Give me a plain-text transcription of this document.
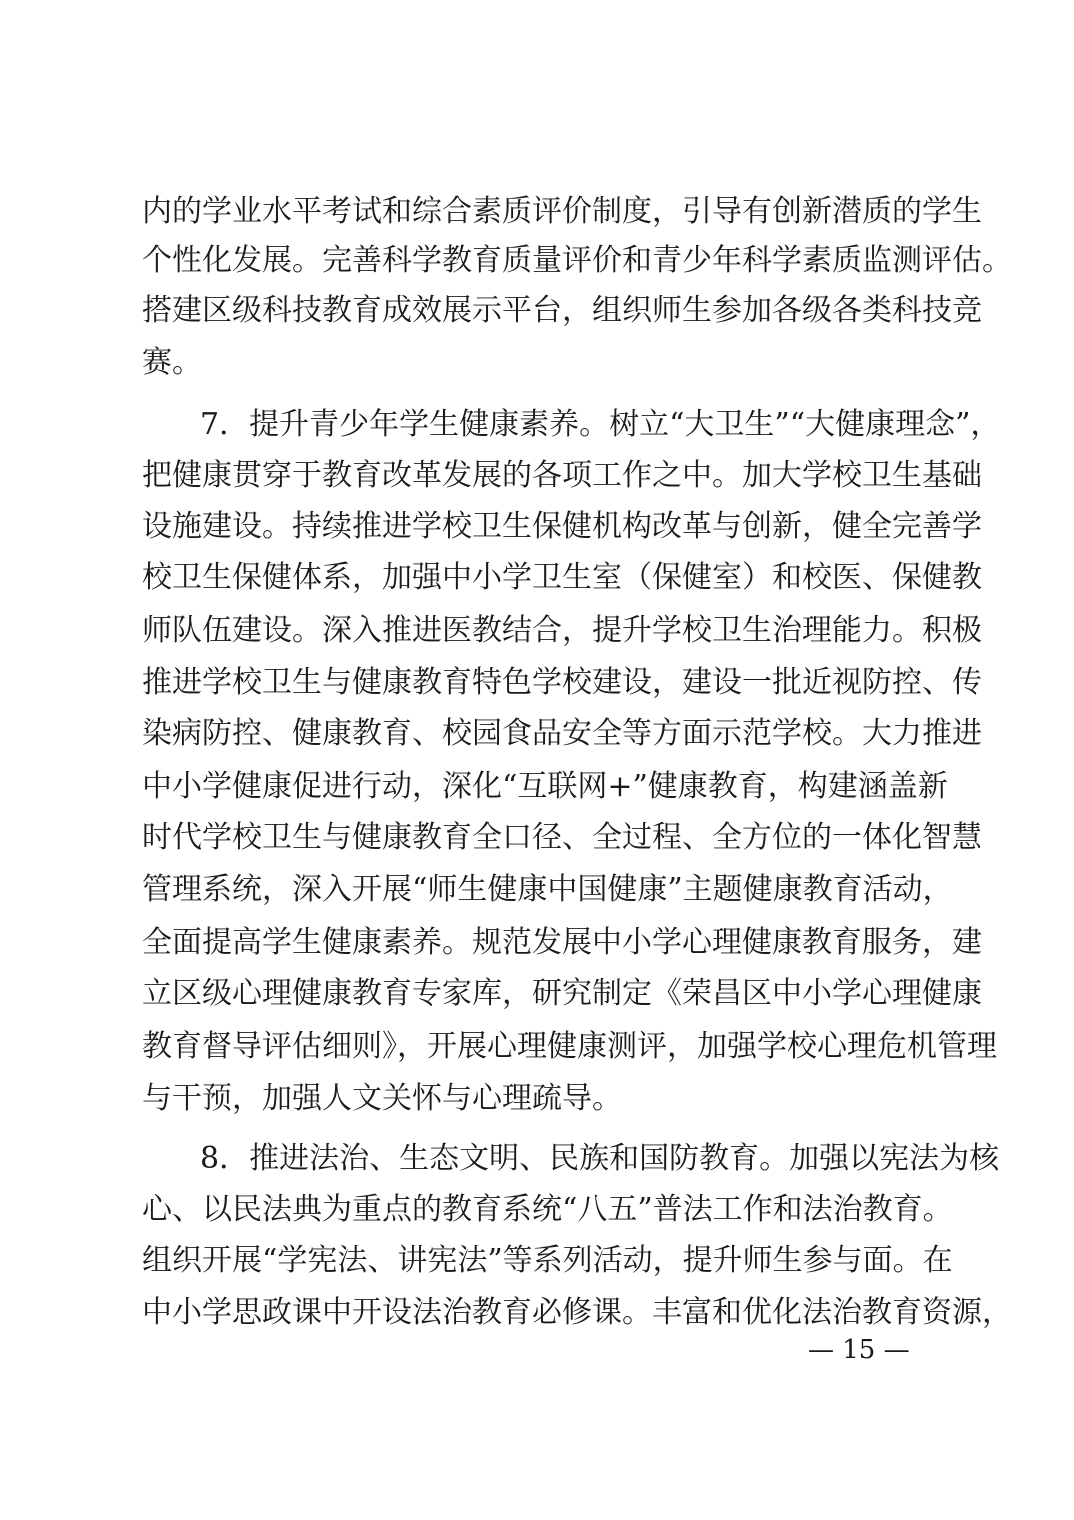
内的学业水平考试和综合素质评价制度，引导有创新潜质的学生
个性化发展。完善科学教育质量评价和青少年科学素质监测评估。
搭建区级科技教育成效展示平台，组织师生参加各级各类科技竞
赛。
7．提升青少年学生健康素养。树立“大卫生”“大健康理念”，
把健康贯穿于教育改革发展的各项工作之中。加大学校卫生基础
设施建设。持续推进学校卫生保健机构改革与创新，健全完善学
校卫生保健体系，加强中小学卫生室（保健室）和校医、保健教
师队伍建设。深入推进医教结合，提升学校卫生治理能力。积极
推进学校卫生与健康教育特色学校建设，建设一批近视防控、传
染病防控、健康教育、校园食品安全等方面示范学校。大力推进
中小学健康促进行动，深化“互联网+”健康教育，构建涵盖新
时代学校卫生与健康教育全口径、全过程、全方位的一体化智慧
管理系统，深入开展“师生健康中国健康”主题健康教育活动，
全面提高学生健康素养。规范发展中小学心理健康教育服务，建
立区级心理健康教育专家库，研究制定《荣昌区中小学心理健康
教育督导评估细则》，开展心理健康测评，加强学校心理危机管理
与干预，加强人文关怀与心理疏导。
8．推进法治、生态文明、民族和国防教育。加强以宪法为核
心、以民法典为重点的教育系统“八五”普法工作和法治教育。
组织开展“学宪法、讲宪法”等系列活动，提升师生参与面。在
中小学思政课中开设法治教育必修课。丰富和优化法治教育资源，
— 15 —
